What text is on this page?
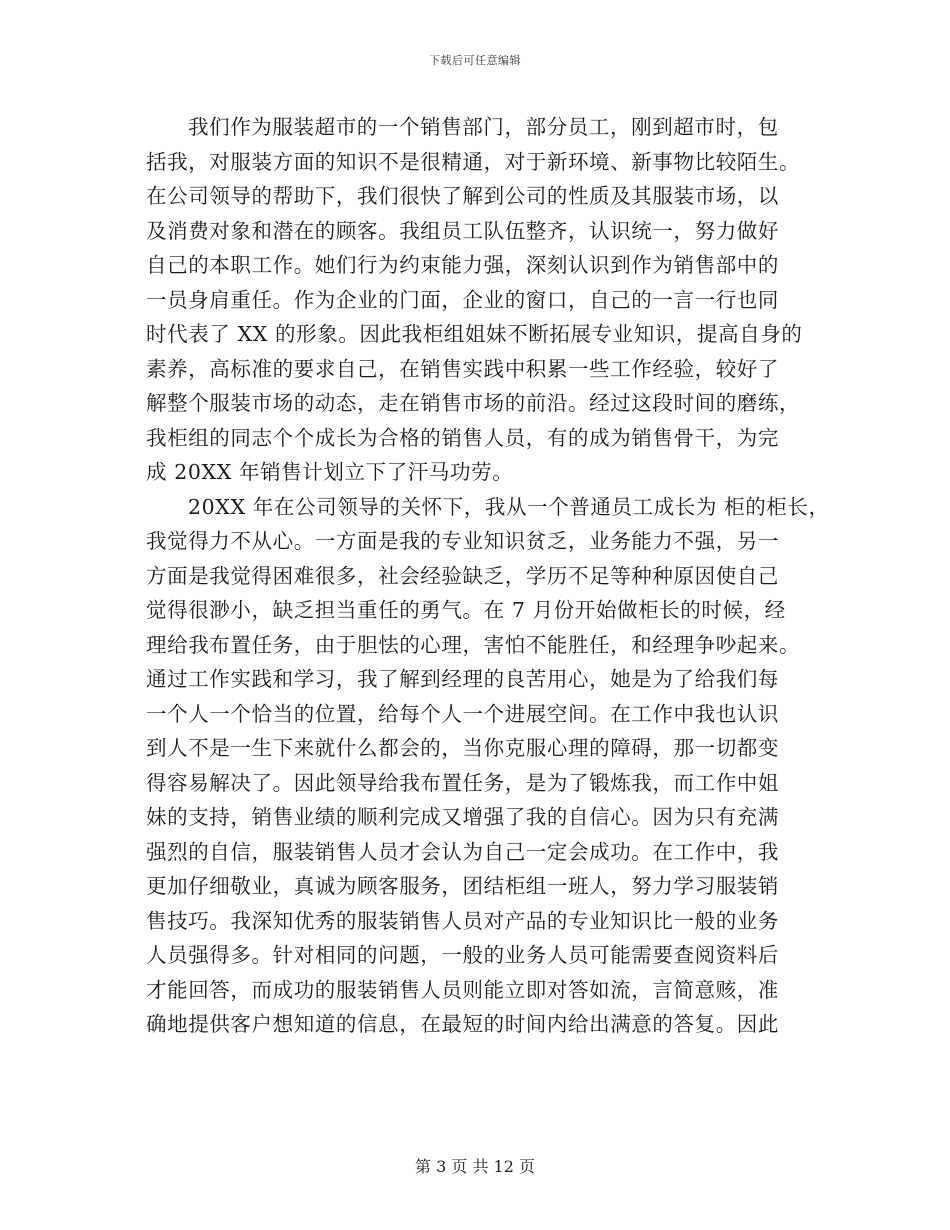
下载后可任意编辑
我们作为服装超市的一个销售部门，部分员工，刚到超市时，包
括我，对服装方面的知识不是很精通，对于新环境、新事物比较陌生。
在公司领导的帮助下，我们很快了解到公司的性质及其服装市场，以
及消费对象和潜在的顾客。我组员工队伍整齐，认识统一，努力做好
自己的本职工作。她们行为约束能力强，深刻认识到作为销售部中的
一员身肩重任。作为企业的门面，企业的窗口，自己的一言一行也同
时代表了 XX 的形象。因此我柜组姐妹不断拓展专业知识，提高自身的
素养，高标准的要求自己，在销售实践中积累一些工作经验，较好了
解整个服装市场的动态，走在销售市场的前沿。经过这段时间的磨练，
我柜组的同志个个成长为合格的销售人员，有的成为销售骨干，为完
成 20XX 年销售计划立下了汗马功劳。
20XX 年在公司领导的关怀下，我从一个普通员工成长为 柜的柜长，
我觉得力不从心。一方面是我的专业知识贫乏，业务能力不强，另一
方面是我觉得困难很多，社会经验缺乏，学历不足等种种原因使自己
觉得很渺小，缺乏担当重任的勇气。在 7 月份开始做柜长的时候，经
理给我布置任务，由于胆怯的心理，害怕不能胜任，和经理争吵起来。
通过工作实践和学习，我了解到经理的良苦用心，她是为了给我们每
一个人一个恰当的位置，给每个人一个进展空间。在工作中我也认识
到人不是一生下来就什么都会的，当你克服心理的障碍，那一切都变
得容易解决了。因此领导给我布置任务，是为了锻炼我，而工作中姐
妹的支持，销售业绩的顺利完成又增强了我的自信心。因为只有充满
强烈的自信，服装销售人员才会认为自己一定会成功。在工作中，我
更加仔细敬业，真诚为顾客服务，团结柜组一班人，努力学习服装销
售技巧。我深知优秀的服装销售人员对产品的专业知识比一般的业务
人员强得多。针对相同的问题，一般的业务人员可能需要查阅资料后
才能回答，而成功的服装销售人员则能立即对答如流，言简意赅，准
确地提供客户想知道的信息，在最短的时间内给出满意的答复。因此
第 3 页 共 12 页
